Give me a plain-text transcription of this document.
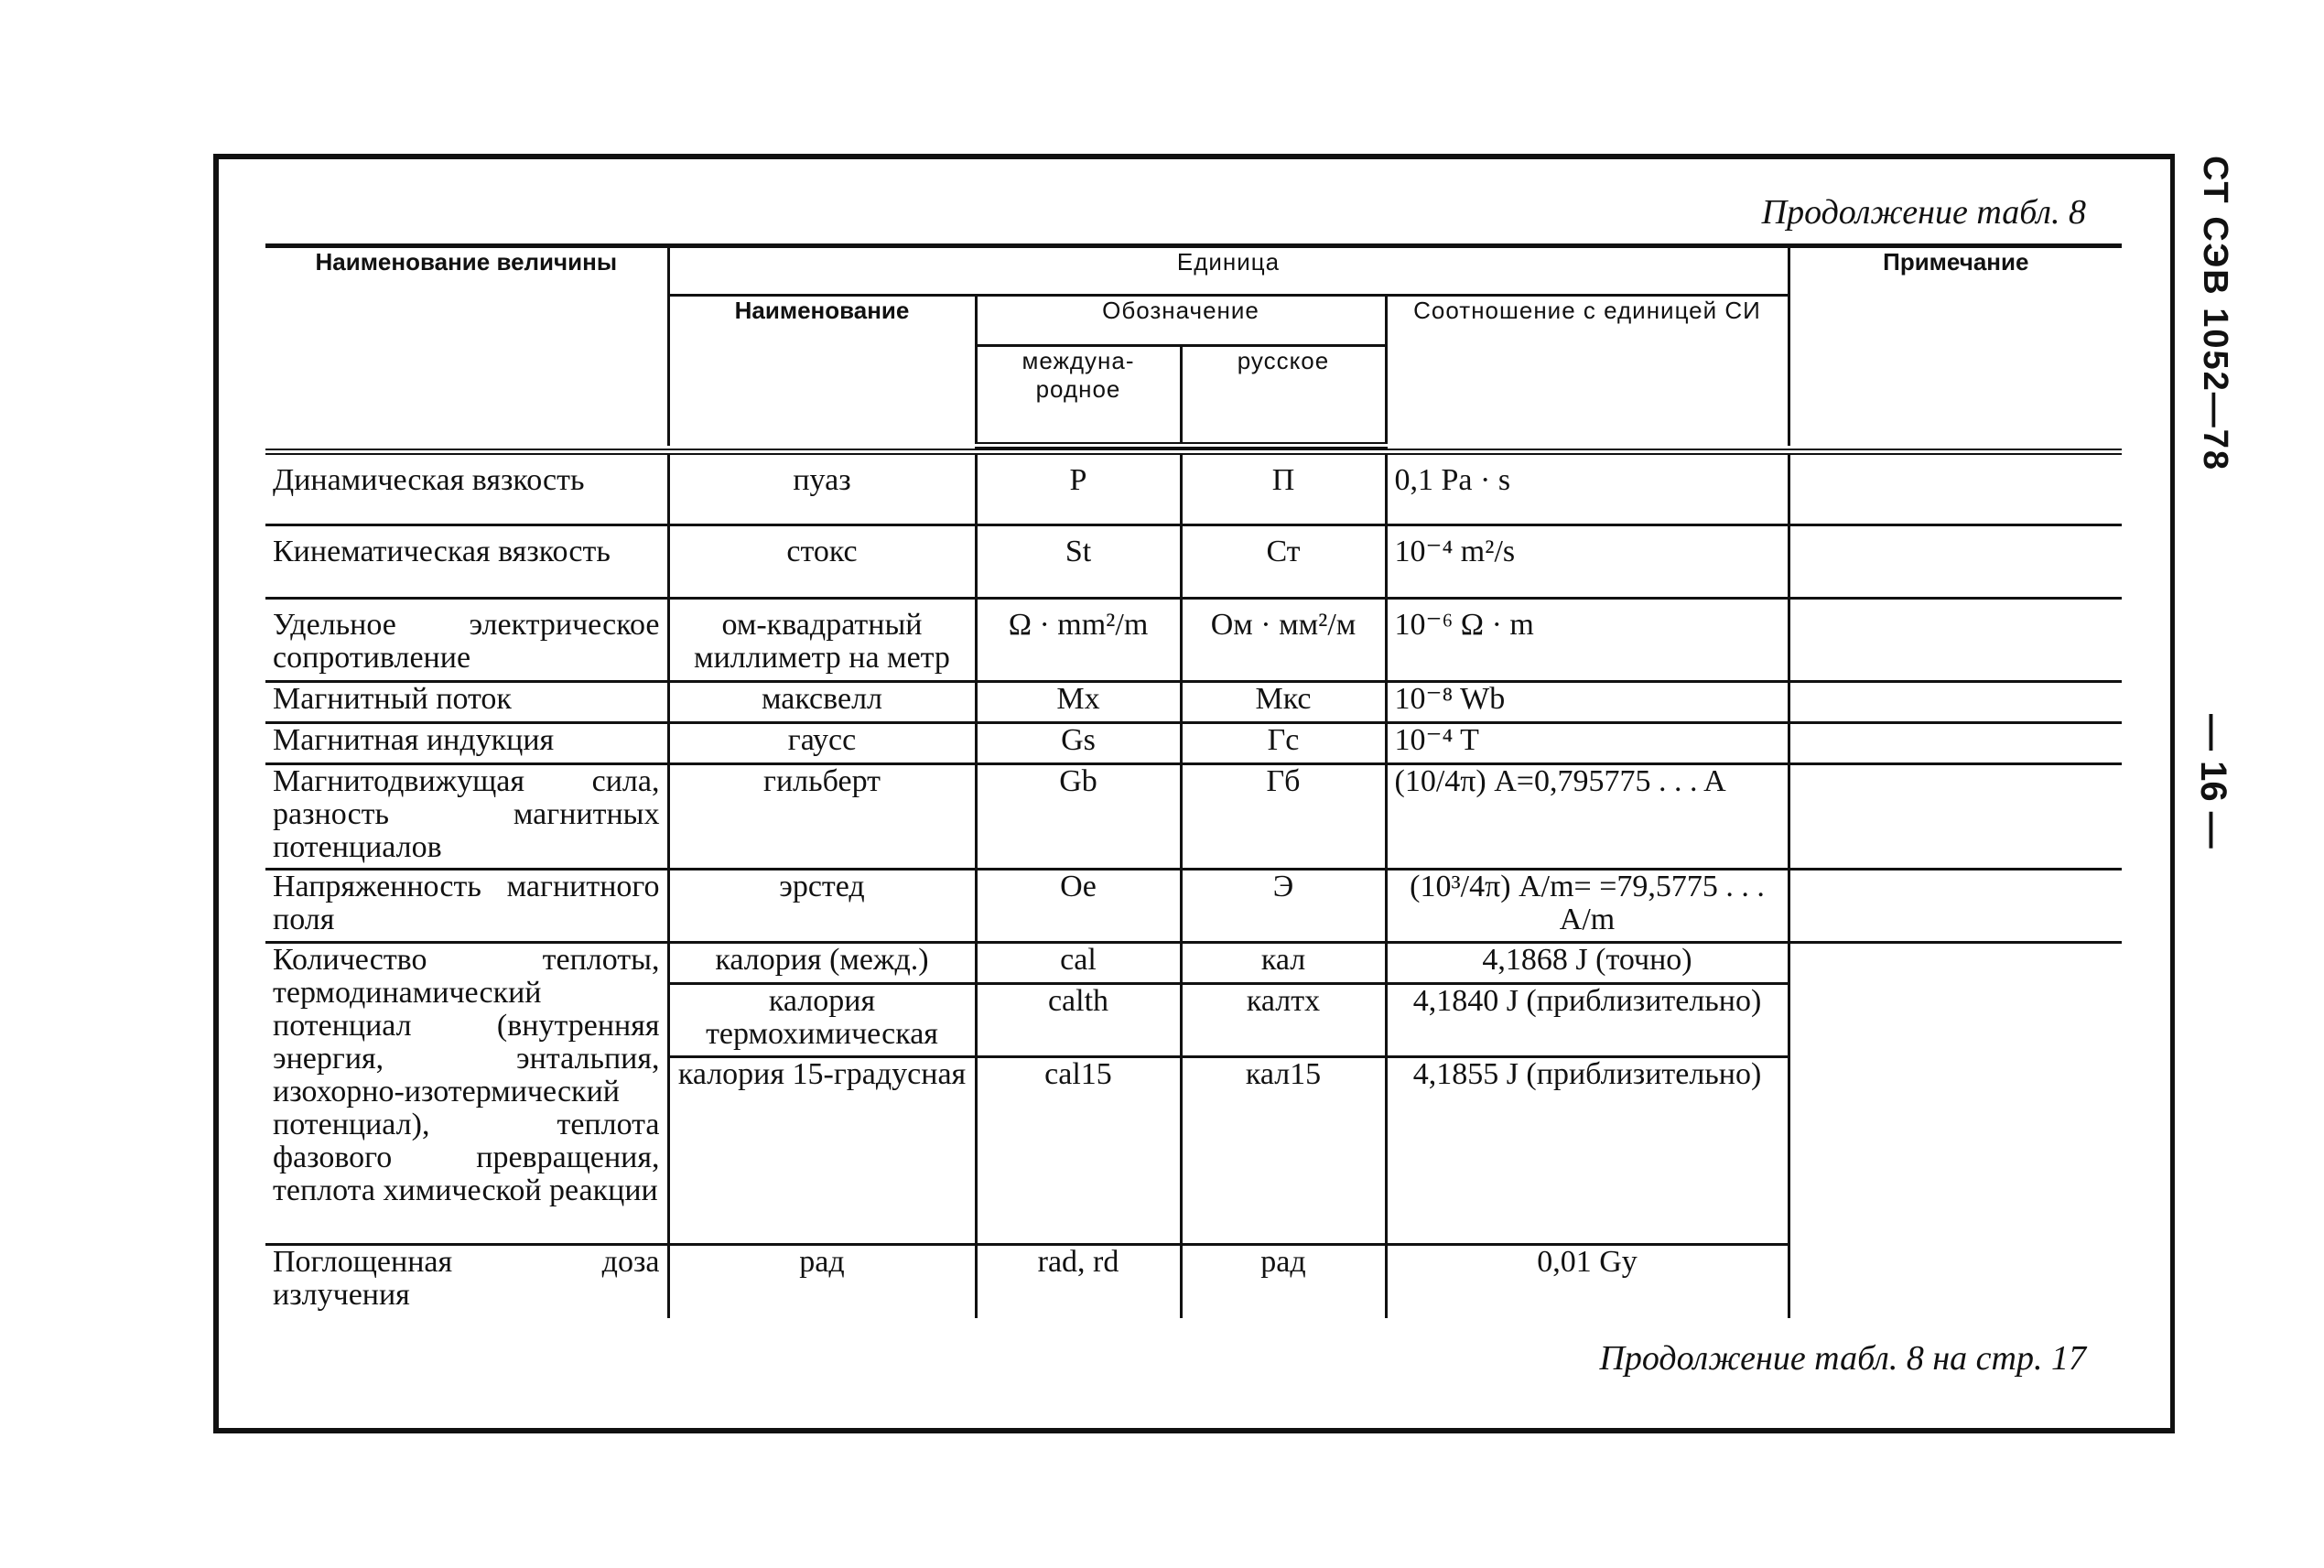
СТ СЭВ 1052—78
— 16 —
Продолжение табл. 8
Наименование величины	Единица				Примечание
	Наименование	Обозначение		Соотношение с единицей СИ	
		междуна-родное	русское		

Динамическая вязкость	пуаз	P	П	0,1 Pa · s	
Кинематическая вязкость	стокс	St	Ст	10⁻⁴ m²/s	
Удельное электрическое сопротивление	ом-квадратный миллиметр на метр	Ω · mm²/m	Ом · мм²/м	10⁻⁶ Ω · m	
Магнитный поток	максвелл	Mx	Мкс	10⁻⁸ Wb	
Магнитная индукция	гаусс	Gs	Гс	10⁻⁴ T	
Магнитодвижущая сила, разность магнитных потенциалов	гильберт	Gb	Гб	(10/4π) A=0,795775 . . . A	
Напряженность магнитного поля	эрстед	Oe	Э	(10³/4π) A/m= =79,5775 . . . A/m	
Количество теплоты, термодинамический потенциал (внутренняя энергия, энтальпия, изохорно-изотермический потенциал), теплота фазового превращения, теплота химической реакции	калория (межд.)	cal	кал	4,1868 J (точно)	
	калория термохимическая	calth	калтх	4,1840 J (приблизительно)	
	калория 15-градусная	cal15	кал15	4,1855 J (приблизительно)	
Поглощенная доза излучения	рад	rad, rd	рад	0,01 Gy	
Продолжение табл. 8 на стр. 17
